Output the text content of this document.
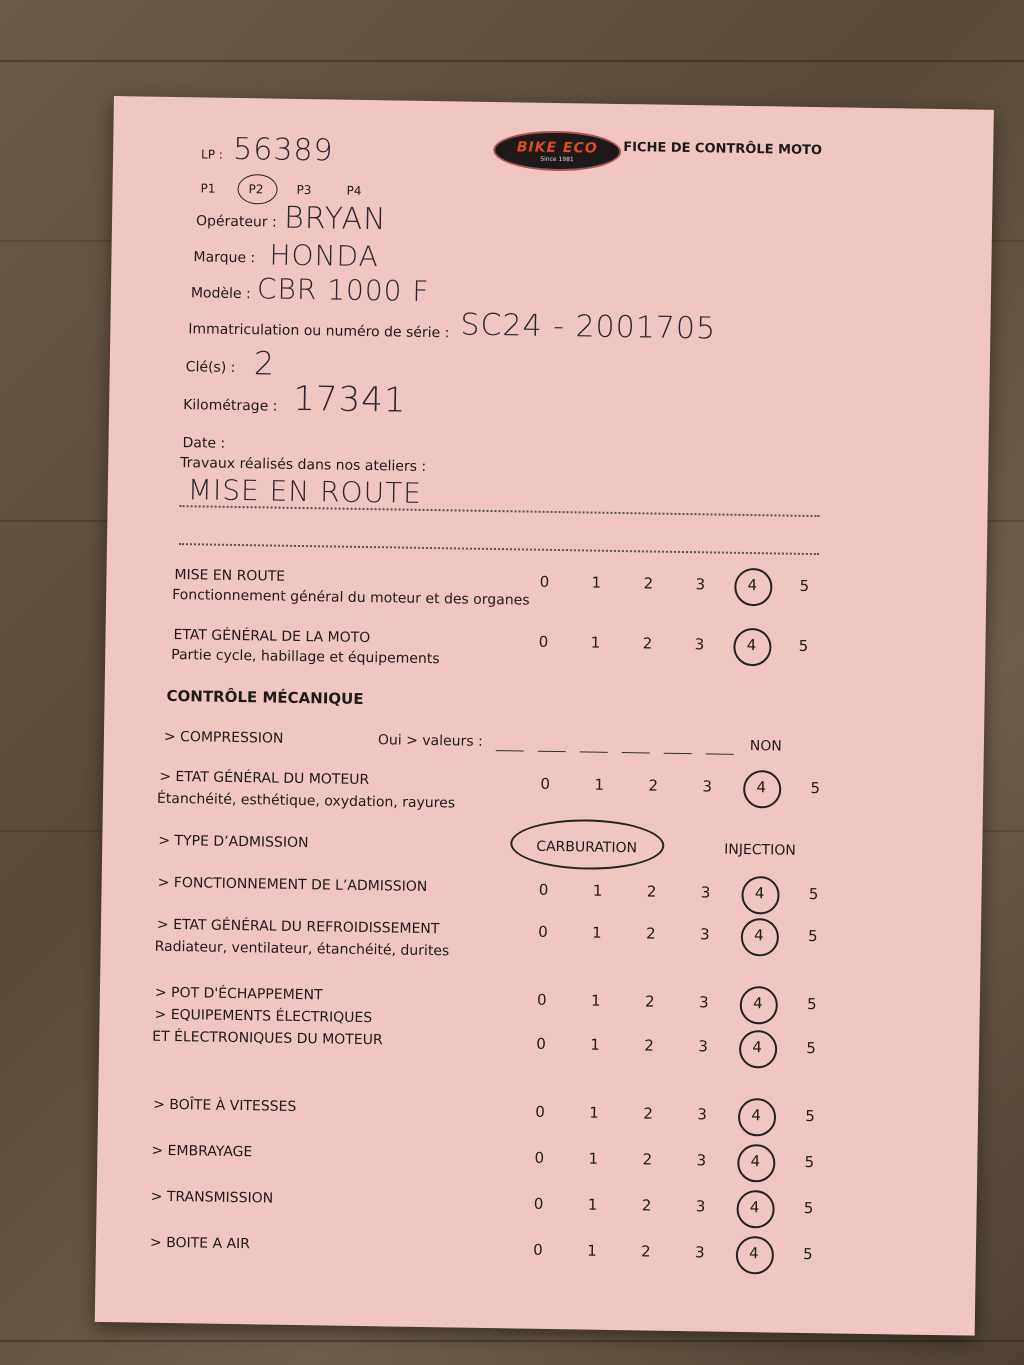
BIKE ECO
Since 1981
FICHE DE CONTRÔLE MOTO
LP : 56389
Opérateur : BRYAN
Marque : HONDA
Modèle : CBR 1000 F
Immatriculation ou numéro de série : SC24 - 2001705
Clé(s) : 2
Kilométrage : 17341
Date :
Travaux réalisés dans nos ateliers :
MISE EN ROUTE
P1	P2	P3	P4
MISE EN ROUTE
Fonctionnement général du moteur et des organes
0	1	2	3	4	5
ETAT GÉNÉRAL DE LA MOTO
Partie cycle, habillage et équipements
0	1	2	3	4	5
CONTRÔLE MÉCANIQUE
> COMPRESSION	Oui > valeurs :	NON
> TYPE D’ADMISSION	CARBURATION	INJECTION
> ETAT GÉNÉRAL DU MOTEUR
Étanchéité, esthétique, oxydation, rayures
0	1	2	3	4	5
> FONCTIONNEMENT DE L’ADMISSION	0	1	2	3	4	5
> ETAT GÉNÉRAL DU REFROIDISSEMENT
Radiateur, ventilateur, étanchéité, durites
0	1	2	3	4	5
> POT D'ÉCHAPPEMENT	0	1	2	3	4	5
> EQUIPEMENTS ÉLECTRIQUES
ET ÉLECTRONIQUES DU MOTEUR	0	1	2	3	4	5
> BOÎTE À VITESSES	0	1	2	3	4	5
> EMBRAYAGE	0	1	2	3	4	5
> TRANSMISSION	0	1	2	3	4	5
> BOITE A AIR	0	1	2	3	4	5
